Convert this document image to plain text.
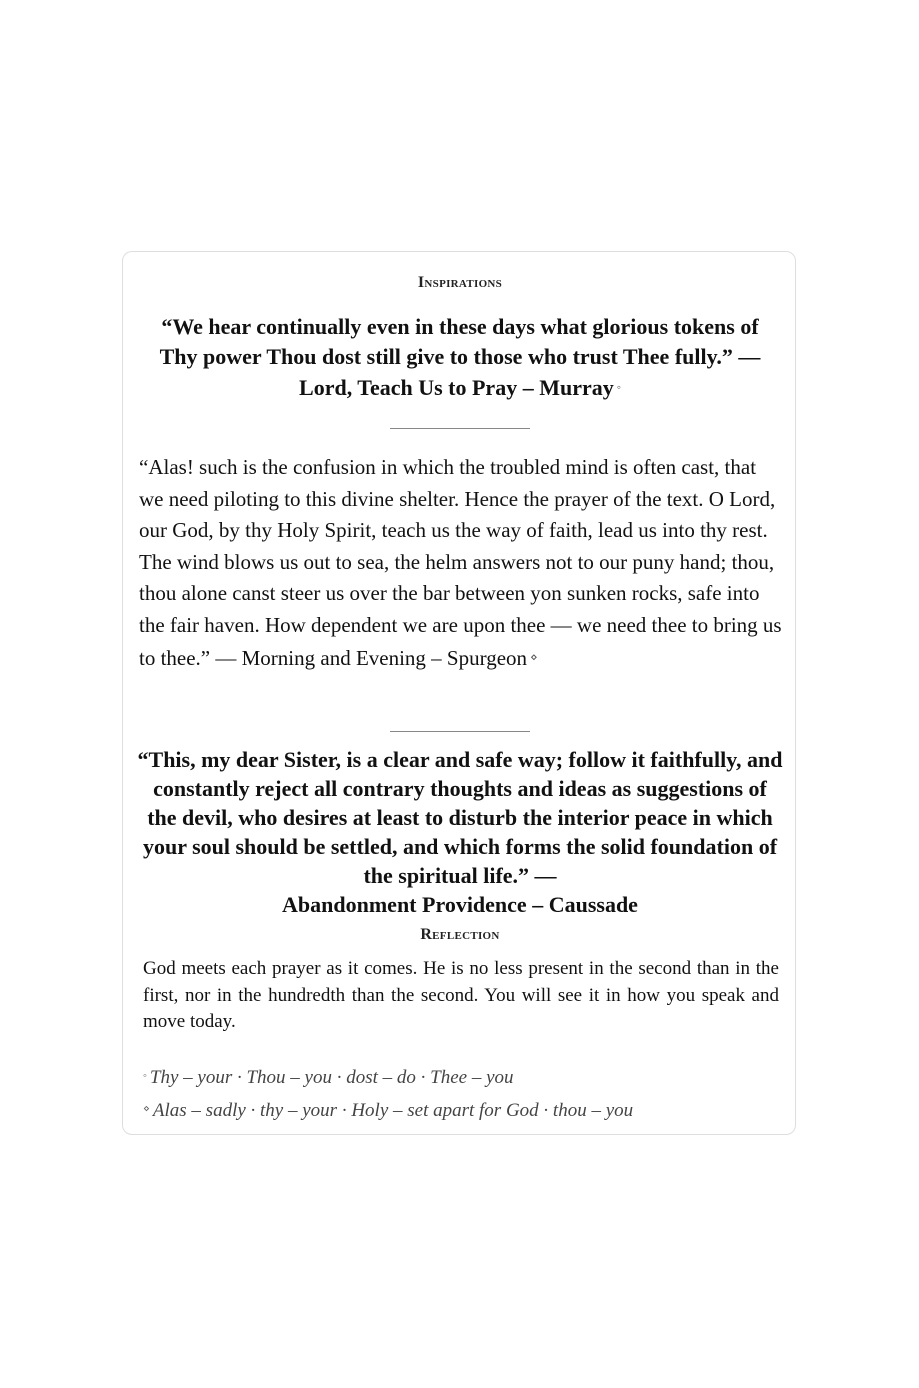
Inspirations

“We hear continually even in these days what glorious tokens of Thy power Thou dost still give to those who trust Thee fully.” — Lord, Teach Us to Pray – Murray ◦

“Alas! such is the confusion in which the troubled mind is often cast, that we need piloting to this divine shelter. Hence the prayer of the text. O Lord, our God, by thy Holy Spirit, teach us the way of faith, lead us into thy rest. The wind blows us out to sea, the helm answers not to our puny hand; thou, thou alone canst steer us over the bar between yon sunken rocks, safe into the fair haven. How dependent we are upon thee — we need thee to bring us to thee.” — Morning and Evening – Spurgeon ⋄

“This, my dear Sister, is a clear and safe way; follow it faithfully, and constantly reject all contrary thoughts and ideas as suggestions of the devil, who desires at least to disturb the interior peace in which your soul should be settled, and which forms the solid foundation of the spiritual life.” —
Abandonment Providence – Caussade

Reflection

God meets each prayer as it comes. He is no less present in the second than in the first, nor in the hundredth than the second. You will see it in how you speak and move today.

◦ Thy – your · Thou – you · dost – do · Thee – you

⋄ Alas – sadly · thy – your · Holy – set apart for God · thou – you
